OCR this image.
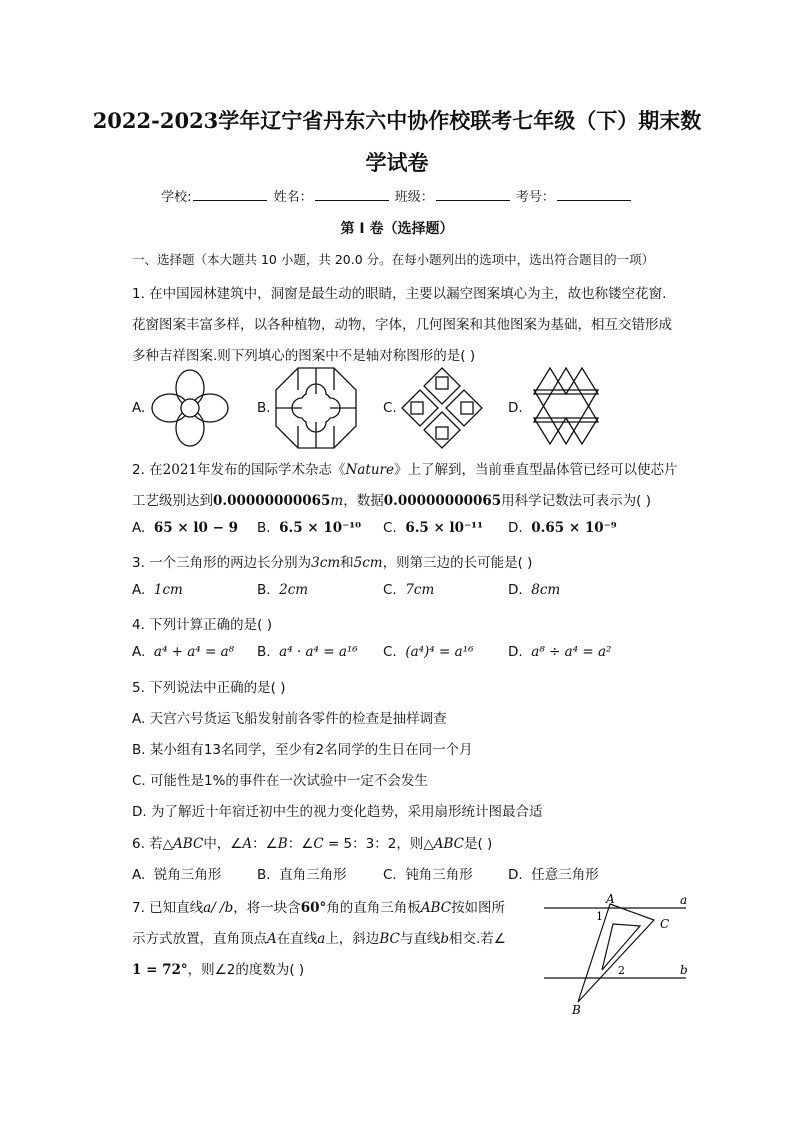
2022-2023学年辽宁省丹东六中协作校联考七年级（下）期末数
学试卷
学校:	姓名：	班级：	考号：
第 I 卷（选择题）
一、选择题（本大题共 10 小题，共 20.0 分。在每小题列出的选项中，选出符合题目的一项）
1. 在中国园林建筑中，洞窗是最生动的眼睛，主要以漏空图案填心为主，故也称镂空花窗.
花窗图案丰富多样，以各种植物，动物，字体，几何图案和其他图案为基础，相互交错形成
多种吉祥图案.则下列填心的图案中不是轴对称图形的是( )
A.	B.	C.	D.
2. 在2021年发布的国际学术杂志《Nature》上了解到，当前垂直型晶体管已经可以使芯片
工艺级别达到0.00000000065m，数据0.00000000065用科学记数法可表示为( )
A. 65 × l0 − 9 B. 6.5 × 10⁻¹⁰ C. 6.5 × l0⁻¹¹ D. 0.65 × 10⁻⁹
3. 一个三角形的两边长分别为3cm和5cm，则第三边的长可能是( )
A. 1cm	B. 2cm	C. 7cm	D. 8cm
4. 下列计算正确的是( )
A. a⁴ + a⁴ = a⁸ B. a⁴ · a⁴ = a¹⁶ C. (a⁴)⁴ = a¹⁶	D. a⁸ ÷ a⁴ = a²
5. 下列说法中正确的是( )
A. 天宫六号货运飞船发射前各零件的检查是抽样调查
B. 某小组有13名同学，至少有2名同学的生日在同一个月
C. 可能性是1%的事件在一次试验中一定不会发生
D. 为了解近十年宿迁初中生的视力变化趋势，采用扇形统计图最合适
6. 若△ABC中，∠A：∠B：∠C = 5：3：2，则△ABC是( )
A. 锐角三角形	B. 直角三角形	C. 钝角三角形	D. 任意三角形
7. 已知直线a/ /b，将一块含60°角的直角三角板ABC按如图所
示方式放置，直角顶点A在直线a上，斜边BC与直线b相交.若∠
1 = 72°，则∠2的度数为( )
A	a
C
b
B
1
2
